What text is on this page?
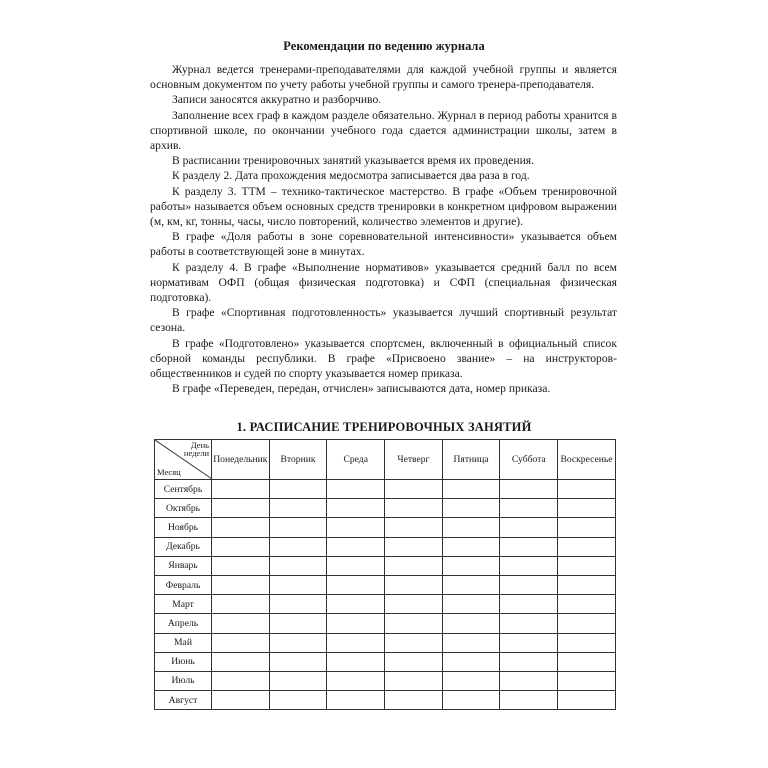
Рекомендации по ведению журнала

Журнал ведется тренерами-преподавателями для каждой учебной группы и является основным документом по учету работы учебной группы и самого тренера-преподавателя.

Записи заносятся аккуратно и разборчиво.

Заполнение всех граф в каждом разделе обязательно. Журнал в период работы хранится в спортивной школе, по окончании учебного года сдается администрации школы, затем в архив.

В расписании тренировочных занятий указывается время их проведения.

К разделу 2. Дата прохождения медосмотра записывается два раза в год.

К разделу 3. ТТМ – технико-тактическое мастерство. В графе «Объем тренировочной работы» называется объем основных средств тренировки в конкретном цифровом выражении (м, км, кг, тонны, часы, число повторений, количество элементов и другие).

В графе «Доля работы в зоне соревновательной интенсивности» указывается объем работы в соответствующей зоне в минутах.

К разделу 4. В графе «Выполнение нормативов» указывается средний балл по всем нормативам ОФП (общая физическая подготовка) и СФП (специальная физическая подготовка).

В графе «Спортивная подготовленность» указывается лучший спортивный результат сезона.

В графе «Подготовлено» указывается спортсмен, включенный в официальный список сборной команды республики. В графе «Присвоено звание» – на инструкторов-общественников и судей по спорту указывается номер приказа.

В графе «Переведен, передан, отчислен» записываются дата, номер приказа.

1. РАСПИСАНИЕ ТРЕНИРОВОЧНЫХ ЗАНЯТИЙ
День
недели
Месяц	Понедельник	Вторник	Среда	Четверг	Пятница	Суббота	Воскресенье
Сентябрь							
Октябрь							
Ноябрь							
Декабрь							
Январь							
Февраль							
Март							
Апрель							
Май							
Июнь							
Июль							
Август							
